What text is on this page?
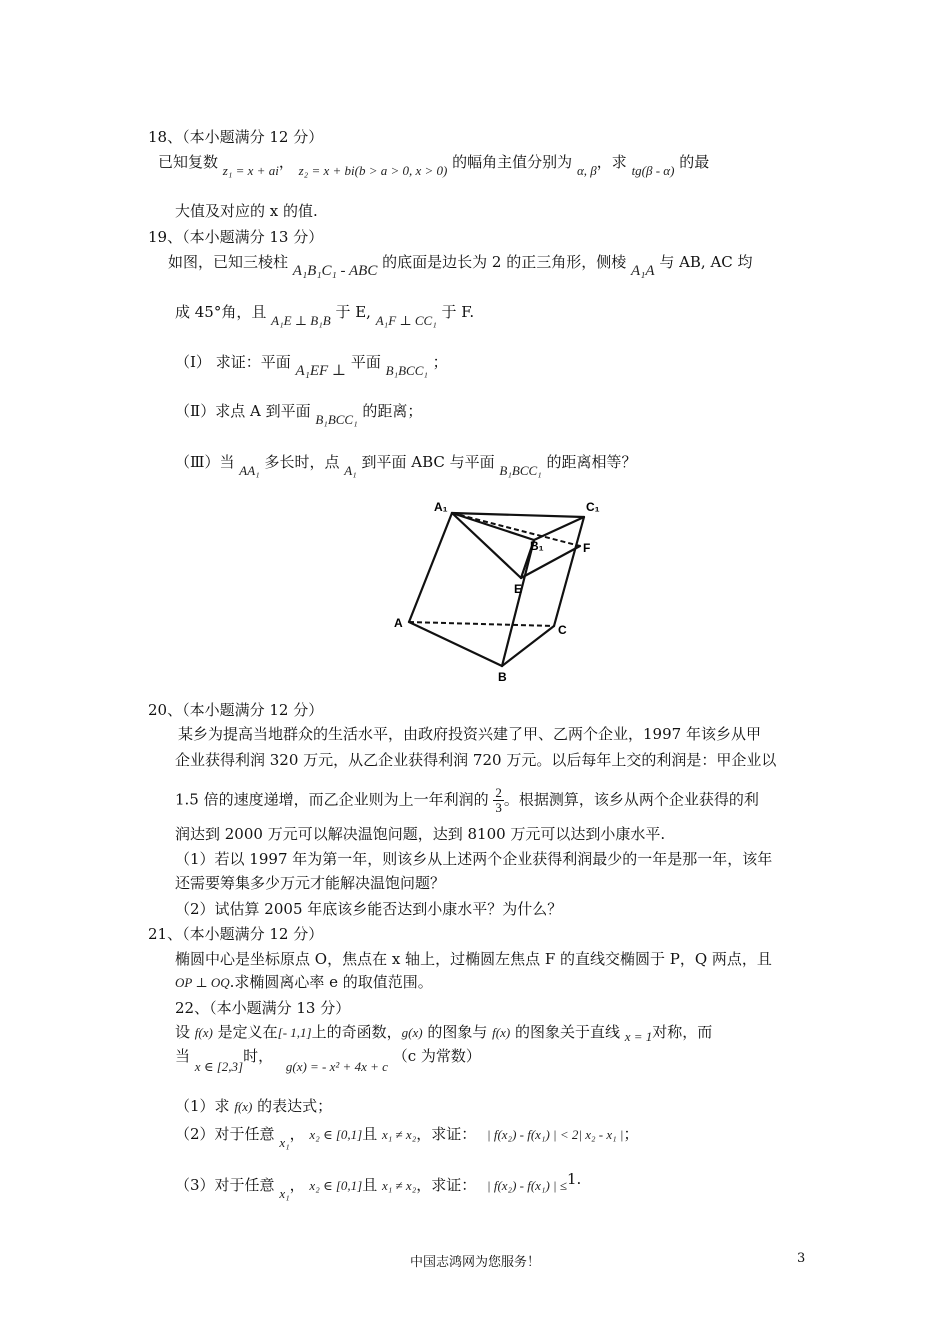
18、（本小题满分 12 分）
已知复数 z₁ = x + ai， z₂ = x + bi(b > a > 0, x > 0) 的幅角主值分别为 α, β，求 tg(β - α) 的最
大值及对应的 x 的值.
19、（本小题满分 13 分）
如图，已知三棱柱 A₁B₁C₁ - ABC 的底面是边长为 2 的正三角形，侧棱 A₁A 与 AB, AC 均
成 45°角，且 A₁E ⊥ B₁B 于 E, A₁F ⊥ CC₁ 于 F.
（I） 求证：平面 A₁EF ⊥ 平面 B₁BCC₁ ；
（Ⅱ）求点 A 到平面 B₁BCC₁ 的距离；
（Ⅲ）当 AA₁ 多长时，点 A₁ 到平面 ABC 与平面 B₁BCC₁ 的距离相等？
A₁	C₁
B₁	F
E
A	C
B
20、（本小题满分 12 分）
某乡为提高当地群众的生活水平，由政府投资兴建了甲、乙两个企业，1997 年该乡从甲
企业获得利润 320 万元，从乙企业获得利润 720 万元。以后每年上交的利润是：甲企业以
1.5 倍的速度递增，而乙企业则为上一年利润的 $\frac{2}{3}$ 。根据测算，该乡从两个企业获得的利
润达到 2000 万元可以解决温饱问题，达到 8100 万元可以达到小康水平.
（1）若以 1997 年为第一年，则该乡从上述两个企业获得利润最少的一年是那一年，该年
还需要筹集多少万元才能解决温饱问题？
（2）试估算 2005 年底该乡能否达到小康水平？为什么？
21、（本小题满分 12 分）
椭圆中心是坐标原点 O，焦点在 x 轴上，过椭圆左焦点 F 的直线交椭圆于 P，Q 两点，且
OP ⊥ OQ.求椭圆离心率 e 的取值范围。
22、（本小题满分 13 分）
设 f(x) 是定义在[- 1,1]上的奇函数，g(x) 的图象与 f(x) 的图象关于直线 x = 1对称，而
当 x ∈ [2,3]时， g(x) = - x² + 4x + c （c 为常数）
（1）求 f(x) 的表达式；
（2）对于任意 x₁， x₂ ∈ [0,1]且 x₁ ≠ x₂，求证： | f(x₂) - f(x₁) | < 2| x₂ - x₁ |；
（3）对于任意 x₁， x₂ ∈ [0,1]且 x₁ ≠ x₂，求证： | f(x₂) - f(x₁) | ≤1.
中国志鸿网为您服务！	3
